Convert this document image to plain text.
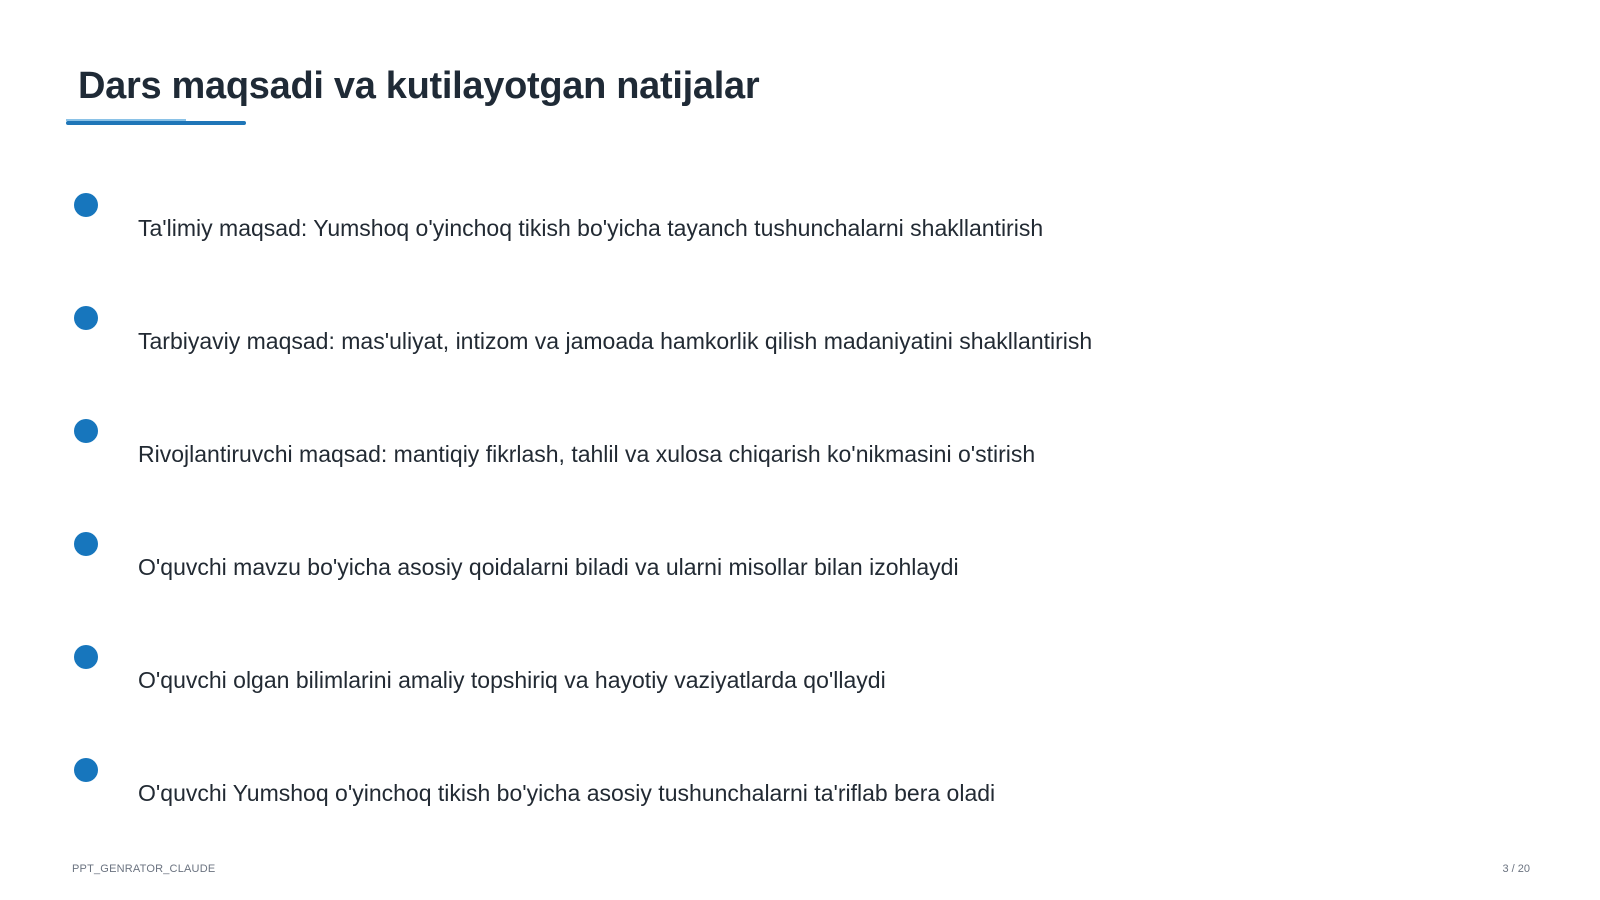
Dars maqsadi va kutilayotgan natijalar
Ta'limiy maqsad: Yumshoq o'yinchoq tikish bo'yicha tayanch tushunchalarni shakllantirish
Tarbiyaviy maqsad: mas'uliyat, intizom va jamoada hamkorlik qilish madaniyatini shakllantirish
Rivojlantiruvchi maqsad: mantiqiy fikrlash, tahlil va xulosa chiqarish ko'nikmasini o'stirish
O'quvchi mavzu bo'yicha asosiy qoidalarni biladi va ularni misollar bilan izohlaydi
O'quvchi olgan bilimlarini amaliy topshiriq va hayotiy vaziyatlarda qo'llaydi
O'quvchi Yumshoq o'yinchoq tikish bo'yicha asosiy tushunchalarni ta'riflab bera oladi
PPT_GENRATOR_CLAUDE	3 / 20
